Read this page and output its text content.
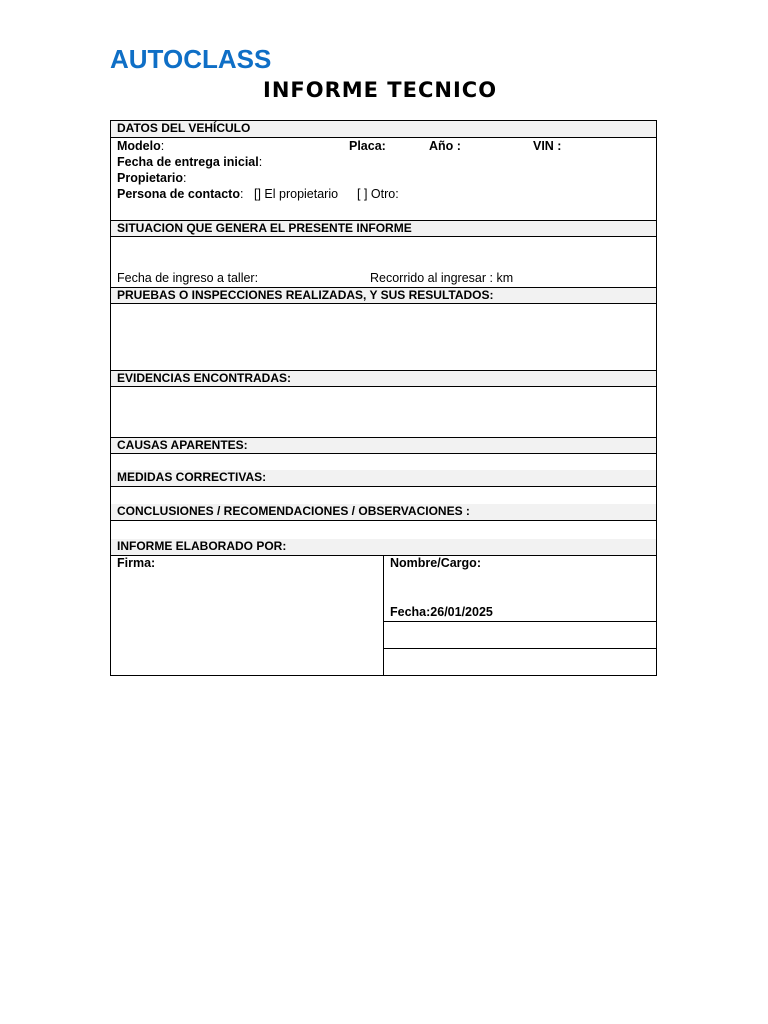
AUTOCLASS
INFORME TECNICO
DATOS DEL VEHÍCULO
Modelo:	Placa:	Año :	VIN :
Fecha de entrega inicial:
Propietario:
Persona de contacto: [] El propietario [ ] Otro:
SITUACION QUE GENERA EL PRESENTE INFORME
Fecha de ingreso a taller:	Recorrido al ingresar : km
PRUEBAS O INSPECCIONES REALIZADAS, Y SUS RESULTADOS:
EVIDENCIAS ENCONTRADAS:
CAUSAS APARENTES:
MEDIDAS CORRECTIVAS:
CONCLUSIONES / RECOMENDACIONES / OBSERVACIONES :
INFORME ELABORADO POR:
Firma:	Nombre/Cargo:
Fecha:26/01/2025
